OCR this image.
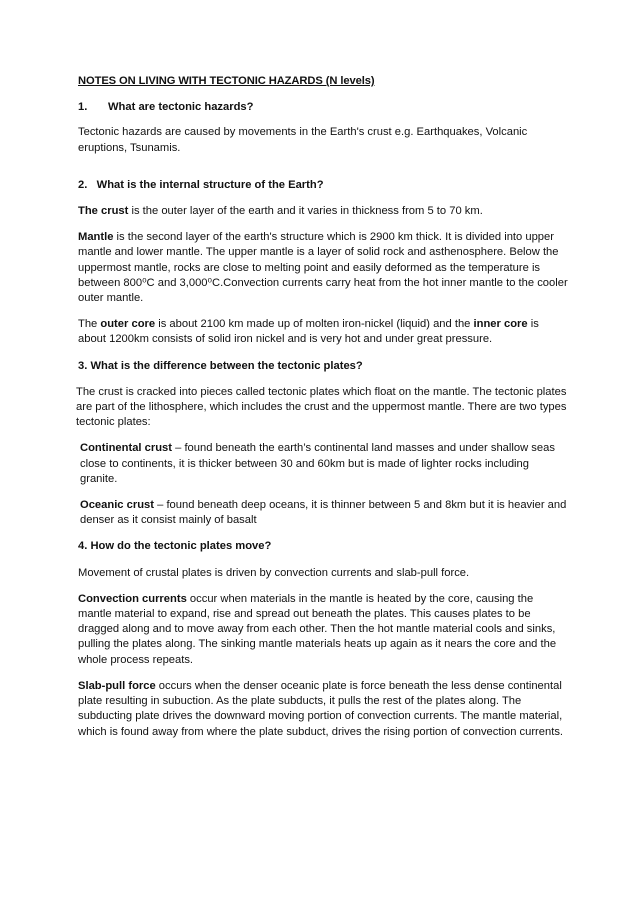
NOTES ON LIVING WITH TECTONIC HAZARDS (N levels)
1. What are tectonic hazards?

Tectonic hazards are caused by movements in the Earth's crust e.g. Earthquakes, Volcanic eruptions, Tsunamis.

2.   What is the internal structure of the Earth?

The crust is the outer layer of the earth and it varies in thickness from 5 to 70 km.

Mantle is the second layer of the earth's structure which is 2900 km thick. It is divided into upper mantle and lower mantle. The upper mantle is a layer of solid rock and asthenosphere. Below the uppermost mantle, rocks are close to melting point and easily deformed as the temperature is between 800⁰C and 3,000⁰C.Convection currents carry heat from the hot inner mantle to the cooler outer mantle.

The outer core is about 2100 km made up of molten iron-nickel (liquid) and the inner core is about 1200km consists of solid iron nickel and is very hot and under great pressure.

3. What is the difference between the tectonic plates?

The crust is cracked into pieces called tectonic plates which float on the mantle. The tectonic plates are part of the lithosphere, which includes the crust and the uppermost mantle. There are two types tectonic plates:

Continental crust – found beneath the earth’s continental land masses and under shallow seas close to continents, it is thicker between 30 and 60km but is made of lighter rocks including granite.

Oceanic crust – found beneath deep oceans, it is thinner between 5 and 8km but it is heavier and denser as it consist mainly of basalt

4. How do the tectonic plates move?

Movement of crustal plates is driven by convection currents and slab-pull force.

Convection currents occur when materials in the mantle is heated by the core, causing the mantle material to expand, rise and spread out beneath the plates. This causes plates to be dragged along and to move away from each other. Then the hot mantle material cools and sinks, pulling the plates along. The sinking mantle materials heats up again as it nears the core and the whole process repeats.

Slab-pull force occurs when the denser oceanic plate is force beneath the less dense continental plate resulting in subuction. As the plate subducts, it pulls the rest of the plates along. The subducting plate drives the downward moving portion of convection currents. The mantle material, which is found away from where the plate subduct, drives the rising portion of convection currents.
